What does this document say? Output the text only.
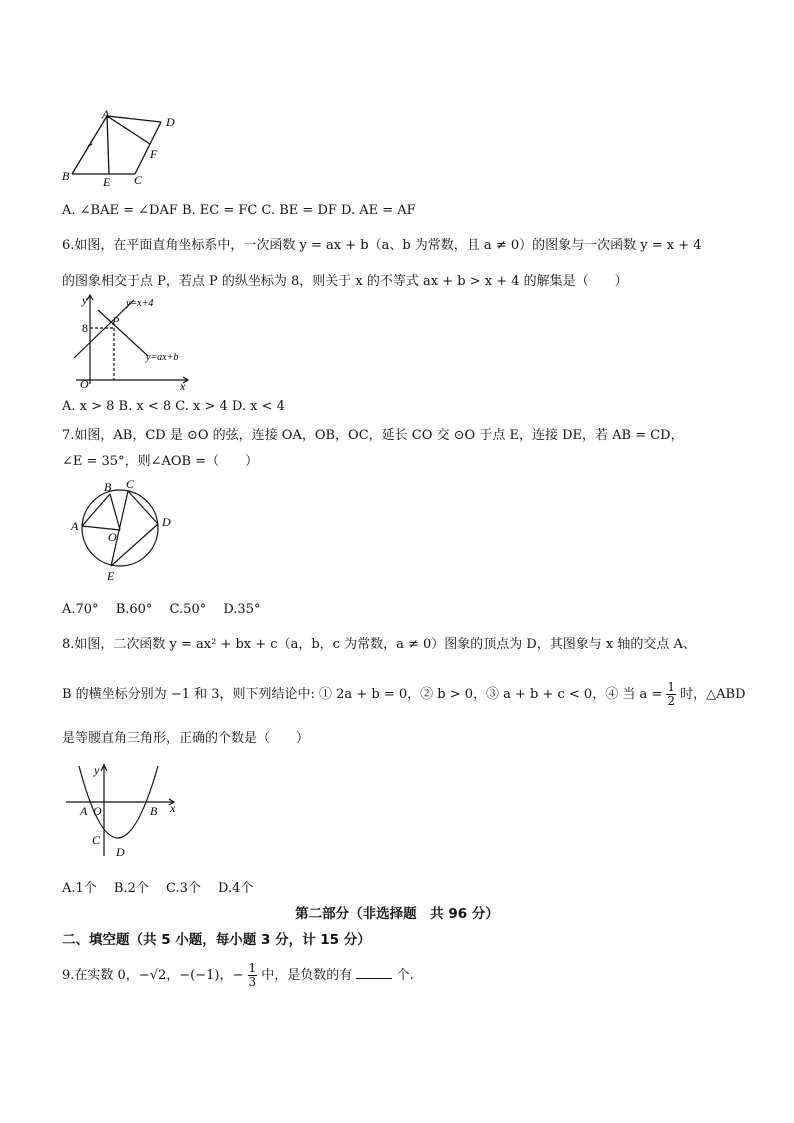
A
D
F
B	E C
A. ∠BAE = ∠DAF B. EC = FC C. BE = DF D. AE = AF
6.如图，在平面直角坐标系中，一次函数 y = ax + b（a、b 为常数，且 a ≠ 0）的图象与一次函数 y = x + 4
的图象相交于点 P，若点 P 的纵坐标为 8，则关于 x 的不等式 ax + b > x + 4 的解集是（　　）
y
x
O
P
8
y=x+4
y=ax+b
A. x > 8 B. x < 8 C. x > 4 D. x < 4
7.如图，AB，CD 是 ⊙O 的弦，连接 OA，OB，OC，延长 CO 交 ⊙O 于点 E，连接 DE，若 AB = CD，
∠E = 35°，则∠AOB =（　　）
B C
A	D
O
E
A.70°　 B.60°　 C.50°　 D.35°
8.如图，二次函数 y = ax² + bx + c（a，b，c 为常数，a ≠ 0）图象的顶点为 D，其图象与 x 轴的交点 A、
B 的横坐标分别为 −1 和 3，则下列结论中: ① 2a + b = 0，② b > 0，③ a + b + c < 0，④ 当 $a = \frac{1}{2}$ 时，△ABD
是等腰直角三角形，正确的个数是（　　）
y
x
O
A	B
C
D
A.1个　 B.2个　 C.3个　 D.4个
第二部分（非选择题　共 96 分）
二、填空题（共 5 小题，每小题 3 分，计 15 分）
9.在实数 0，−√2，−(−1)，− $\frac{1}{3}$ 中，是负数的有	个.
